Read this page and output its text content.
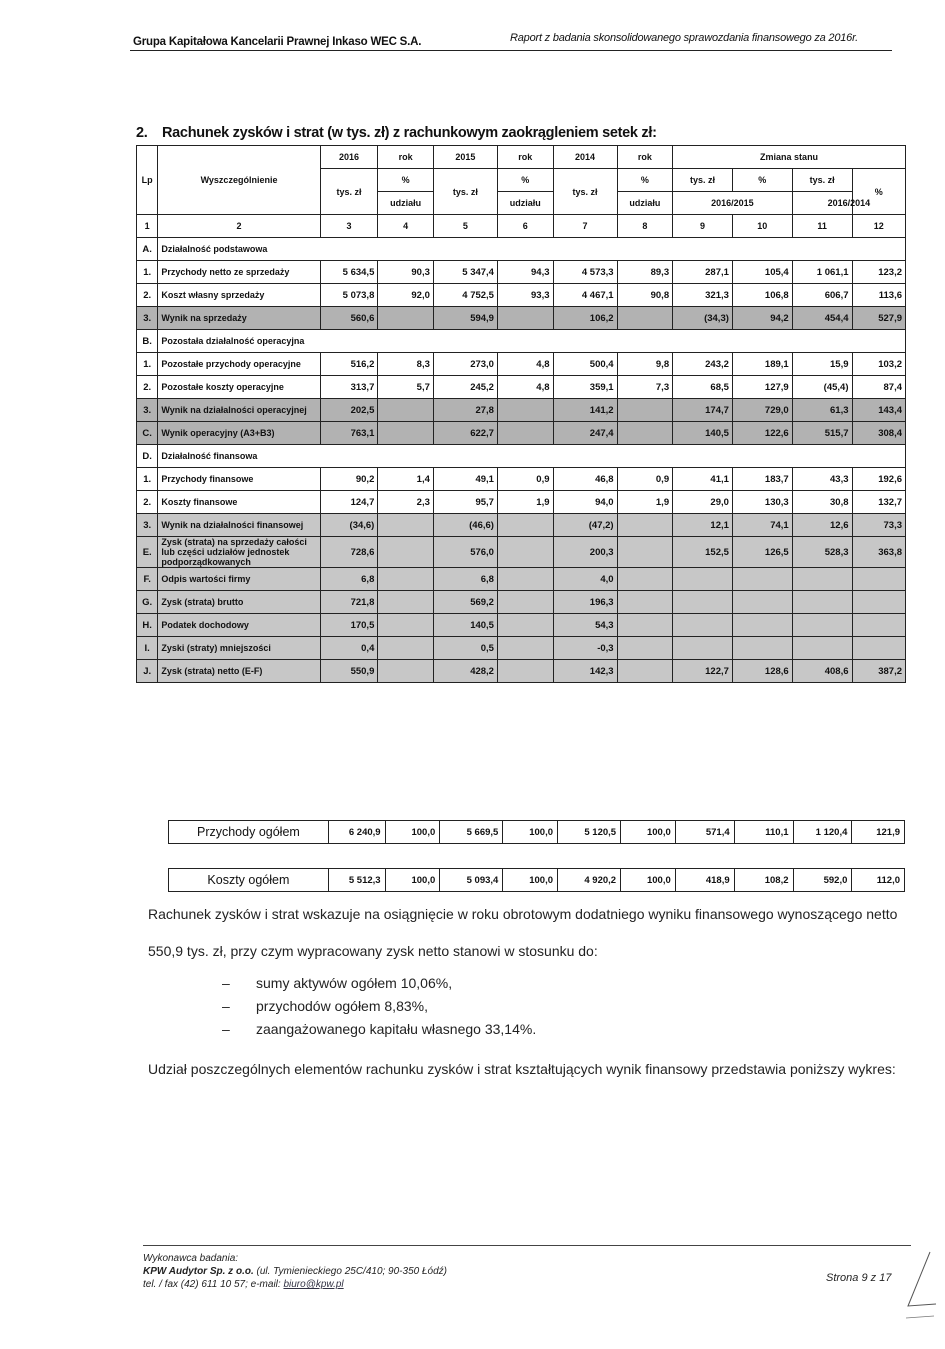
Grupa Kapitałowa Kancelarii Prawnej Inkaso WEC S.A.	Raport z badania skonsolidowanego sprawozdania finansowego za 2016r.
2. Rachunek zysków i strat (w tys. zł) z rachunkowym zaokrągleniem setek zł:
Lp	Wyszczególnienie	2016	rok	2015	rok	2014	rok	Zmiana stanu			
		tys. zł	%	tys. zł	%	tys. zł	%	tys. zł	%	tys. zł	%
			udziału		udziału		udziału	2016/2015		2016/2014	
1	2	3	4	5	6	7	8	9	10	11	12
A.	Działalność podstawowa										
1.	Przychody netto ze sprzedaży	5 634,5	90,3	5 347,4	94,3	4 573,3	89,3	287,1	105,4	1 061,1	123,2
2.	Koszt własny sprzedaży	5 073,8	92,0	4 752,5	93,3	4 467,1	90,8	321,3	106,8	606,7	113,6
3.	Wynik na sprzedaży	560,6		594,9		106,2		(34,3)	94,2	454,4	527,9
B.	Pozostała działalność operacyjna										
1.	Pozostałe przychody operacyjne	516,2	8,3	273,0	4,8	500,4	9,8	243,2	189,1	15,9	103,2
2.	Pozostałe koszty operacyjne	313,7	5,7	245,2	4,8	359,1	7,3	68,5	127,9	(45,4)	87,4
3.	Wynik na działalności operacyjnej	202,5		27,8		141,2		174,7	729,0	61,3	143,4
C.	Wynik operacyjny (A3+B3)	763,1		622,7		247,4		140,5	122,6	515,7	308,4
D.	Działalność finansowa										
1.	Przychody finansowe	90,2	1,4	49,1	0,9	46,8	0,9	41,1	183,7	43,3	192,6
2.	Koszty finansowe	124,7	2,3	95,7	1,9	94,0	1,9	29,0	130,3	30,8	132,7
3.	Wynik na działalności finansowej	(34,6)		(46,6)		(47,2)		12,1	74,1	12,6	73,3
E.	Zysk (strata) na sprzedaży całości lub części udziałów jednostek podporządkowanych	728,6		576,0		200,3		152,5	126,5	528,3	363,8
F.	Odpis wartości firmy	6,8		6,8		4,0					
G.	Zysk (strata) brutto	721,8		569,2		196,3					
H.	Podatek dochodowy	170,5		140,5		54,3					
I.	Zyski (straty) mniejszości	0,4		0,5		-0,3					
J.	Zysk (strata) netto (E-F)	550,9		428,2		142,3		122,7	128,6	408,6	387,2
Przychody ogółem	6 240,9	100,0	5 669,5	100,0	5 120,5	100,0	571,4	110,1	1 120,4	121,9
Koszty ogółem	5 512,3	100,0	5 093,4	100,0	4 920,2	100,0	418,9	108,2	592,0	112,0
Rachunek zysków i strat wskazuje na osiągnięcie w roku obrotowym dodatniego wyniku finansowego wynoszącego netto
550,9 tys. zł, przy czym wypracowany zysk netto stanowi w stosunku do:
– sumy aktywów ogółem 10,06%,
– przychodów ogółem 8,83%,
– zaangażowanego kapitału własnego 33,14%.
Udział poszczególnych elementów rachunku zysków i strat kształtujących wynik finansowy przedstawia poniższy wykres:
Wykonawca badania:
KPW Audytor Sp. z o.o. (ul. Tymienieckiego 25C/410; 90-350 Łódź)
tel. / fax (42) 611 10 57; e-mail: biuro@kpw.pl
Strona 9 z 17
